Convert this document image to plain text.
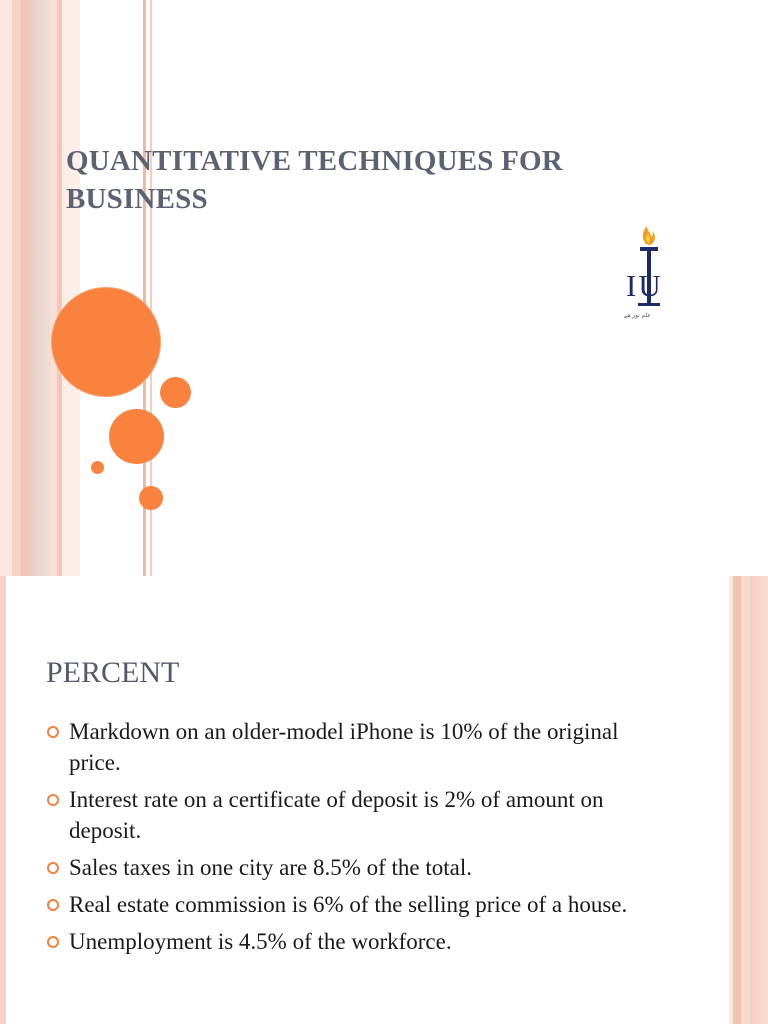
QUANTITATIVE TECHNIQUES FOR BUSINESS
IU
علم نور هے
PERCENT
Markdown on an older-model iPhone is 10% of the original price.
Interest rate on a certificate of deposit is 2% of amount on deposit.
Sales taxes in one city are 8.5% of the total.
Real estate commission is 6% of the selling price of a house.
Unemployment is 4.5% of the workforce.
